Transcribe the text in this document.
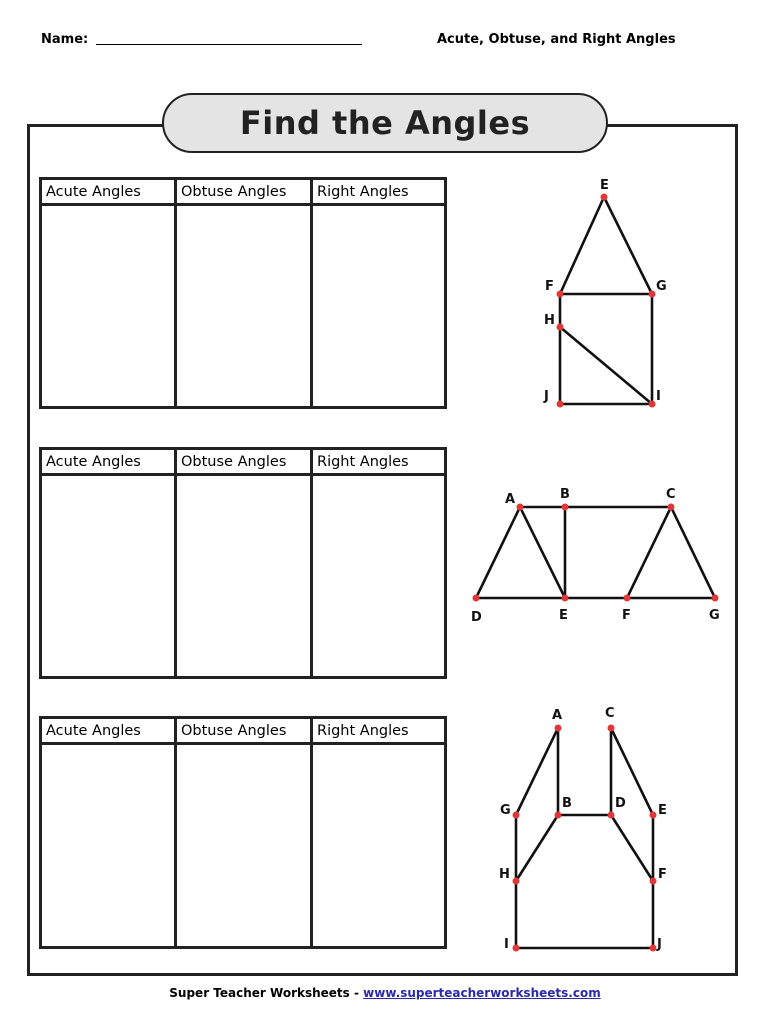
Name:	Acute, Obtuse, and Right Angles
Find the Angles
Acute Angles	Obtuse Angles	Right Angles
Acute Angles	Obtuse Angles	Right Angles
Acute Angles	Obtuse Angles	Right Angles
E
F	G
H
J	I
A	B	C
D	E	F	G
A	C
G	B	D E
H	F
I	J
Super Teacher Worksheets - www.superteacherworksheets.com
